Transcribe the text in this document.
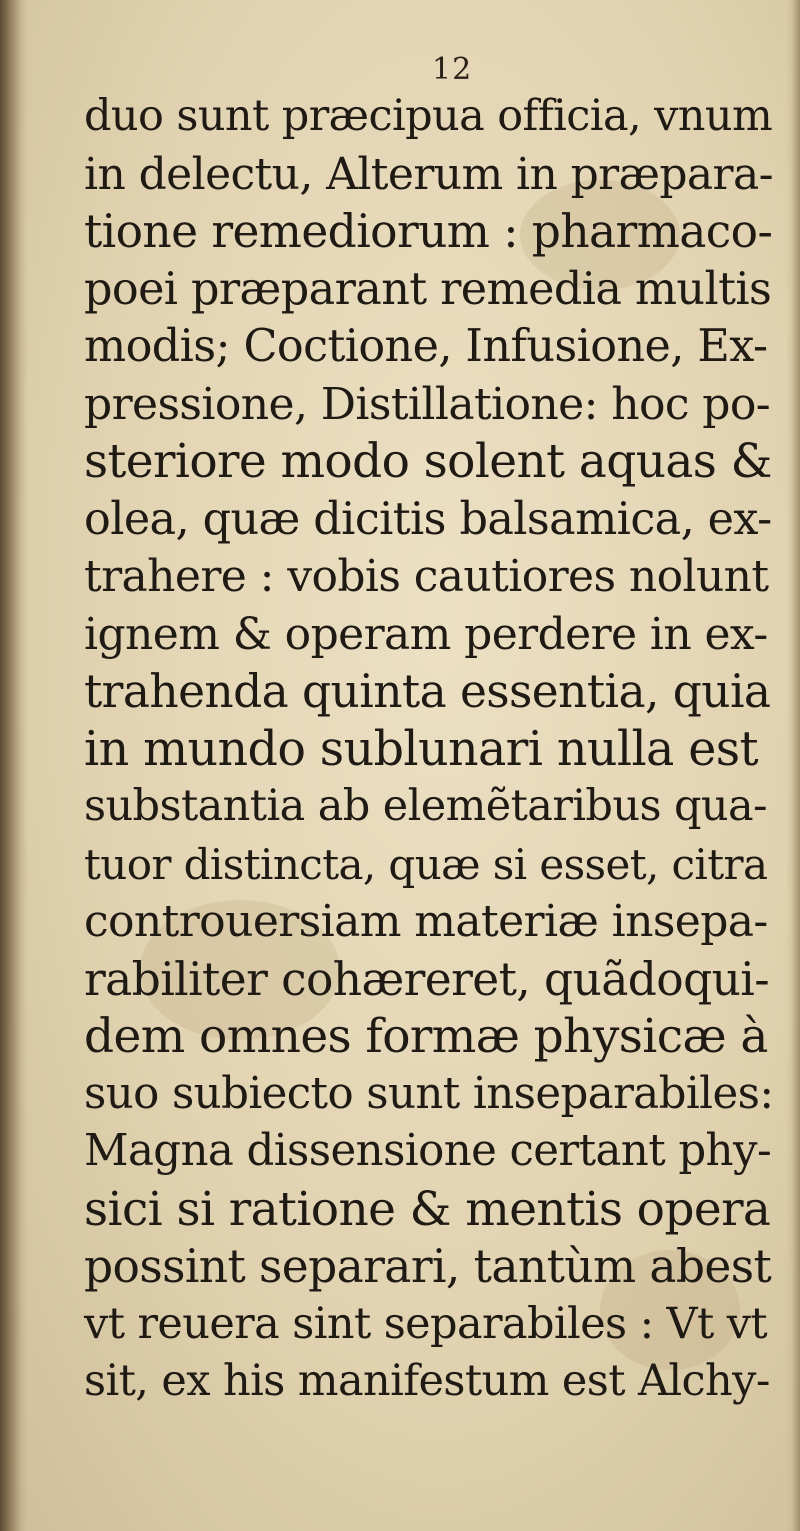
12
duo sunt præcipua officia, vnum
in delectu, Alterum in præpara-
tione remediorum : pharmaco-
poei præparant remedia multis
modis; Coctione, Infusione, Ex-
pressione, Distillatione: hoc po-
steriore modo solent aquas &
olea, quæ dicitis balsamica, ex-
trahere : vobis cautiores nolunt
ignem & operam perdere in ex-
trahenda quinta essentia, quia
in mundo sublunari nulla est
substantia ab elemẽtaribus qua-
tuor distincta, quæ si esset, citra
controuersiam materiæ insepa-
rabiliter cohæreret, quãdoqui-
dem omnes formæ physicæ à
suo subiecto sunt inseparabiles:
Magna dissensione certant phy-
sici si ratione & mentis opera
possint separari, tantùm abest
vt reuera sint separabiles : Vt vt
sit, ex his manifestum est Alchy-
